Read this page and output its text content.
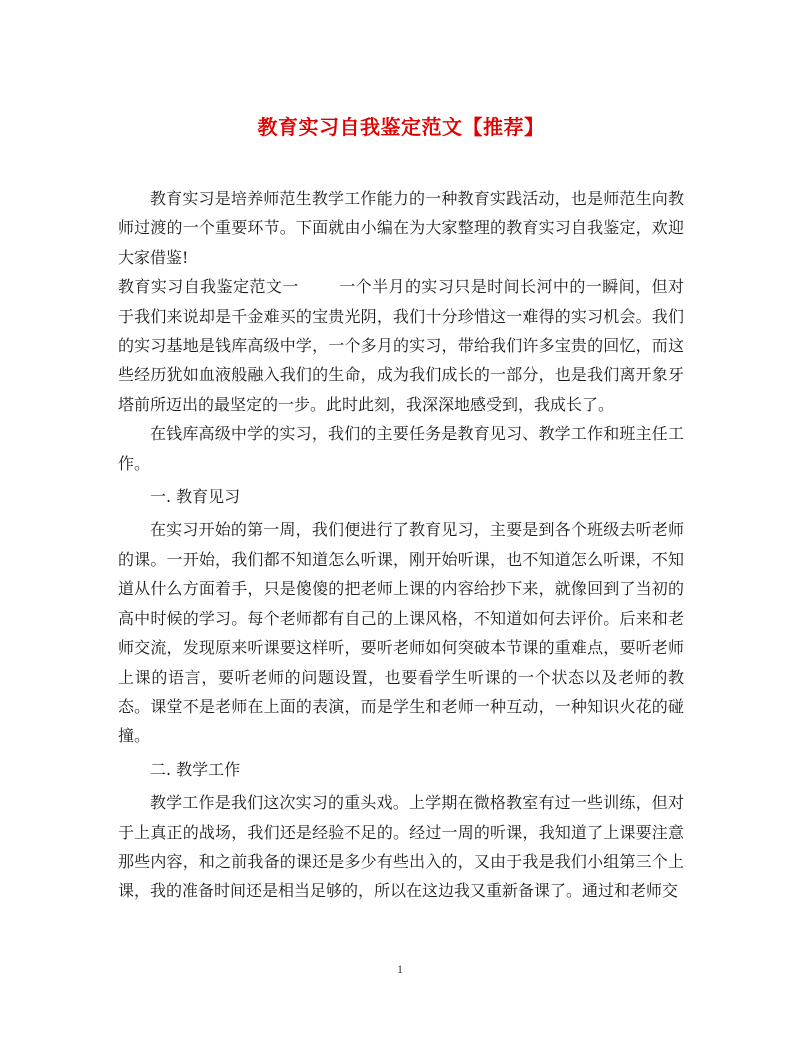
教育实习自我鉴定范文【推荐】

教育实习是培养师范生教学工作能力的一种教育实践活动，也是师范生向教师过渡的一个重要环节。下面就由小编在为大家整理的教育实习自我鉴定，欢迎大家借鉴!

教育实习自我鉴定范文一	一个半月的实习只是时间长河中的一瞬间，但对于我们来说却是千金难买的宝贵光阴，我们十分珍惜这一难得的实习机会。我们的实习基地是钱库高级中学，一个多月的实习，带给我们许多宝贵的回忆，而这些经历犹如血液般融入我们的生命，成为我们成长的一部分，也是我们离开象牙塔前所迈出的最坚定的一步。此时此刻，我深深地感受到，我成长了。

在钱库高级中学的实习，我们的主要任务是教育见习、教学工作和班主任工作。

一. 教育见习

在实习开始的第一周，我们便进行了教育见习，主要是到各个班级去听老师的课。一开始，我们都不知道怎么听课，刚开始听课，也不知道怎么听课，不知道从什么方面着手，只是傻傻的把老师上课的内容给抄下来，就像回到了当初的高中时候的学习。每个老师都有自己的上课风格，不知道如何去评价。后来和老师交流，发现原来听课要这样听，要听老师如何突破本节课的重难点，要听老师上课的语言，要听老师的问题设置，也要看学生听课的一个状态以及老师的教态。课堂不是老师在上面的表演，而是学生和老师一种互动，一种知识火花的碰撞。

二. 教学工作

教学工作是我们这次实习的重头戏。上学期在微格教室有过一些训练，但对于上真正的战场，我们还是经验不足的。经过一周的听课，我知道了上课要注意那些内容，和之前我备的课还是多少有些出入的，又由于我是我们小组第三个上课，我的准备时间还是相当足够的，所以在这边我又重新备课了。通过和老师交

1
